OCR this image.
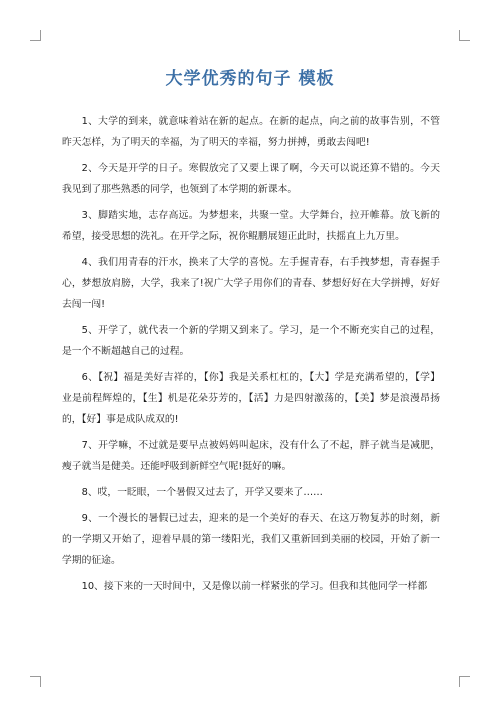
大学优秀的句子 模板

1、大学的到来，就意味着站在新的起点。在新的起点，向之前的故事告别，不管昨天怎样，为了明天的幸福，为了明天的幸福，努力拼搏，勇敢去闯吧!

2、今天是开学的日子。寒假放完了又要上课了啊，今天可以说还算不错的。今天我见到了那些熟悉的同学，也领到了本学期的新课本。

3、脚踏实地，志存高远。为梦想来，共聚一堂。大学舞台，拉开帷幕。放飞新的希望，接受思想的洗礼。在开学之际，祝你鲲鹏展翅正此时，扶摇直上九万里。

4、我们用青春的汗水，换来了大学的喜悦。左手握青春，右手拽梦想，青春握手心，梦想放肩膀，大学，我来了!祝广大学子用你们的青春、梦想好好在大学拼搏，好好去闯一闯!

5、开学了，就代表一个新的学期又到来了。学习，是一个不断充实自己的过程，是一个不断超越自己的过程。

6、【祝】福是美好吉祥的，【你】我是关系杠杠的，【大】学是充满希望的，【学】业是前程辉煌的，【生】机是花朵芬芳的，【活】力是四射激荡的，【美】梦是浪漫昂扬的，【好】事是成队成双的!

7、开学嘛，不过就是要早点被妈妈叫起床，没有什么了不起，胖子就当是减肥，瘦子就当是健美。还能呼吸到新鲜空气呢!挺好的嘛。

8、哎，一眨眼，一个暑假又过去了，开学又要来了……

9、一个漫长的暑假已过去，迎来的是一个美好的春天、在这万物复苏的时刻，新的一学期又开始了，迎着早晨的第一缕阳光，我们又重新回到美丽的校园，开始了新一学期的征途。

10、接下来的一天时间中，又是像以前一样紧张的学习。但我和其他同学一样都
